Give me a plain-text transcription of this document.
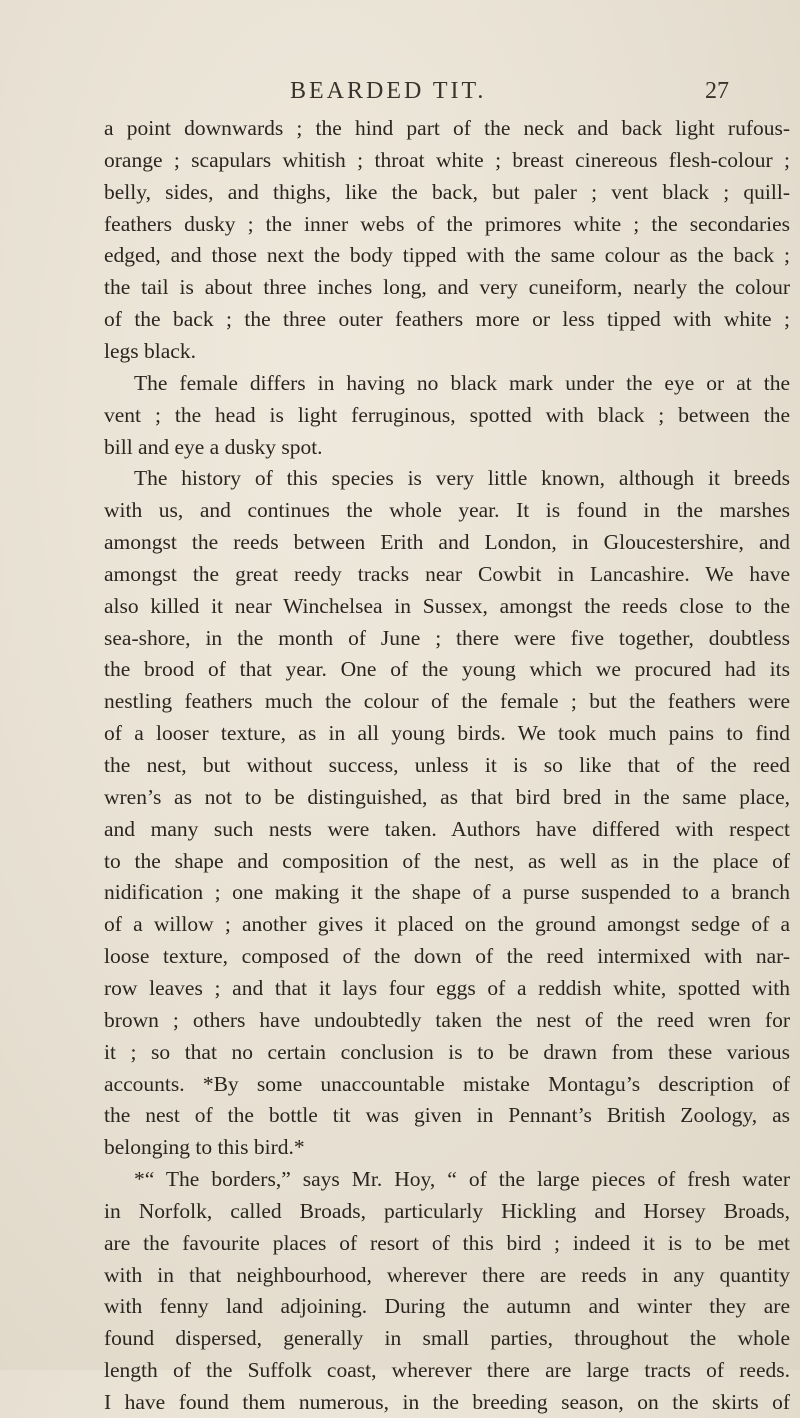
BEARDED TIT.	27
a point downwards ; the hind part of the neck and back light rufous-
orange ; scapulars whitish ; throat white ; breast cinereous flesh-colour ;
belly, sides, and thighs, like the back, but paler ; vent black ; quill-
feathers dusky ; the inner webs of the primores white ; the secondaries
edged, and those next the body tipped with the same colour as the back ;
the tail is about three inches long, and very cuneiform, nearly the colour
of the back ; the three outer feathers more or less tipped with white ;
legs black.
The female differs in having no black mark under the eye or at the
vent ; the head is light ferruginous, spotted with black ; between the
bill and eye a dusky spot.
The history of this species is very little known, although it breeds
with us, and continues the whole year. It is found in the marshes
amongst the reeds between Erith and London, in Gloucestershire, and
amongst the great reedy tracks near Cowbit in Lancashire. We have
also killed it near Winchelsea in Sussex, amongst the reeds close to the
sea-shore, in the month of June ; there were five together, doubtless
the brood of that year. One of the young which we procured had its
nestling feathers much the colour of the female ; but the feathers were
of a looser texture, as in all young birds. We took much pains to find
the nest, but without success, unless it is so like that of the reed
wren’s as not to be distinguished, as that bird bred in the same place,
and many such nests were taken. Authors have differed with respect
to the shape and composition of the nest, as well as in the place of
nidification ; one making it the shape of a purse suspended to a branch
of a willow ; another gives it placed on the ground amongst sedge of a
loose texture, composed of the down of the reed intermixed with nar-
row leaves ; and that it lays four eggs of a reddish white, spotted with
brown ; others have undoubtedly taken the nest of the reed wren for
it ; so that no certain conclusion is to be drawn from these various
accounts. *By some unaccountable mistake Montagu’s description of
the nest of the bottle tit was given in Pennant’s British Zoology, as
belonging to this bird.*
*“ The borders,” says Mr. Hoy, “ of the large pieces of fresh water
in Norfolk, called Broads, particularly Hickling and Horsey Broads,
are the favourite places of resort of this bird ; indeed it is to be met
with in that neighbourhood, wherever there are reeds in any quantity
with fenny land adjoining. During the autumn and winter they are
found dispersed, generally in small parties, throughout the whole
length of the Suffolk coast, wherever there are large tracts of reeds.
I have found them numerous, in the breeding season, on the skirts of
